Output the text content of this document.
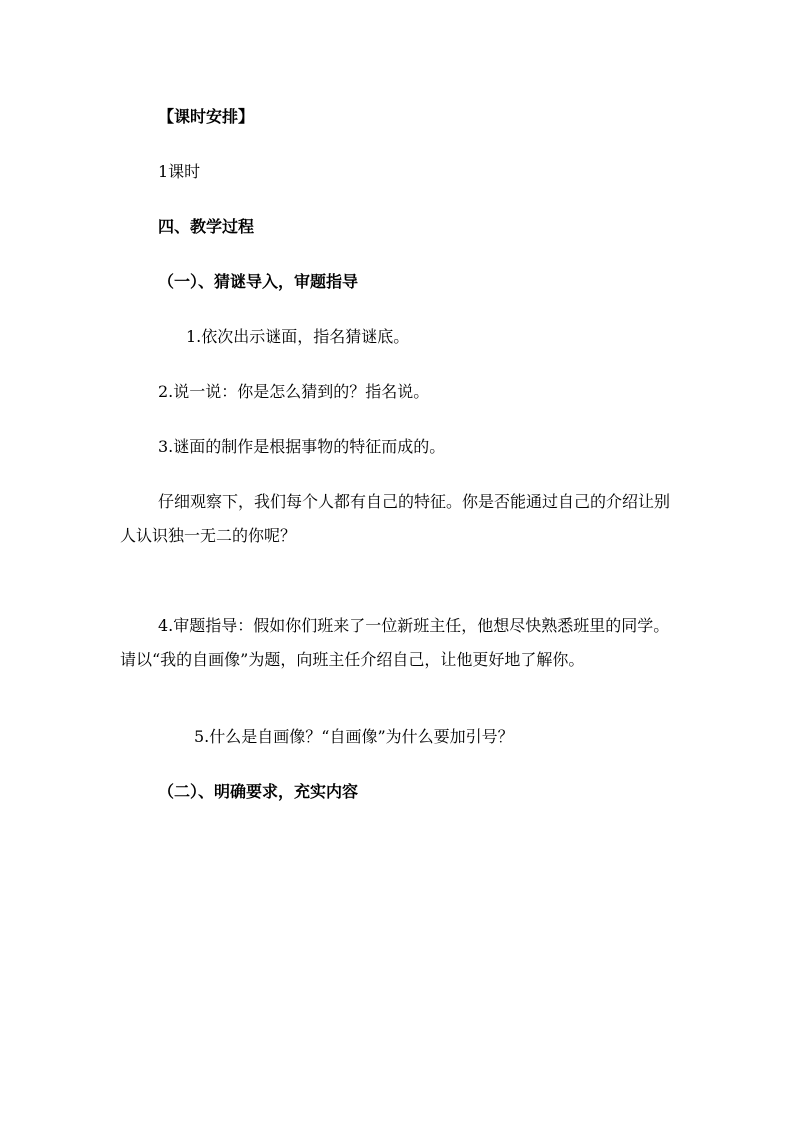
【课时安排】
1课时
四、教学过程
（一）、猜谜导入，审题指导
1.依次出示谜面，指名猜谜底。
2.说一说：你是怎么猜到的？指名说。
3.谜面的制作是根据事物的特征而成的。
仔细观察下，我们每个人都有自己的特征。你是否能通过自己的介绍让别人认识独一无二的你呢？
4.审题指导：假如你们班来了一位新班主任，他想尽快熟悉班里的同学。请以“我的自画像”为题，向班主任介绍自己，让他更好地了解你。
5.什么是自画像？“自画像”为什么要加引号？
（二）、明确要求，充实内容
